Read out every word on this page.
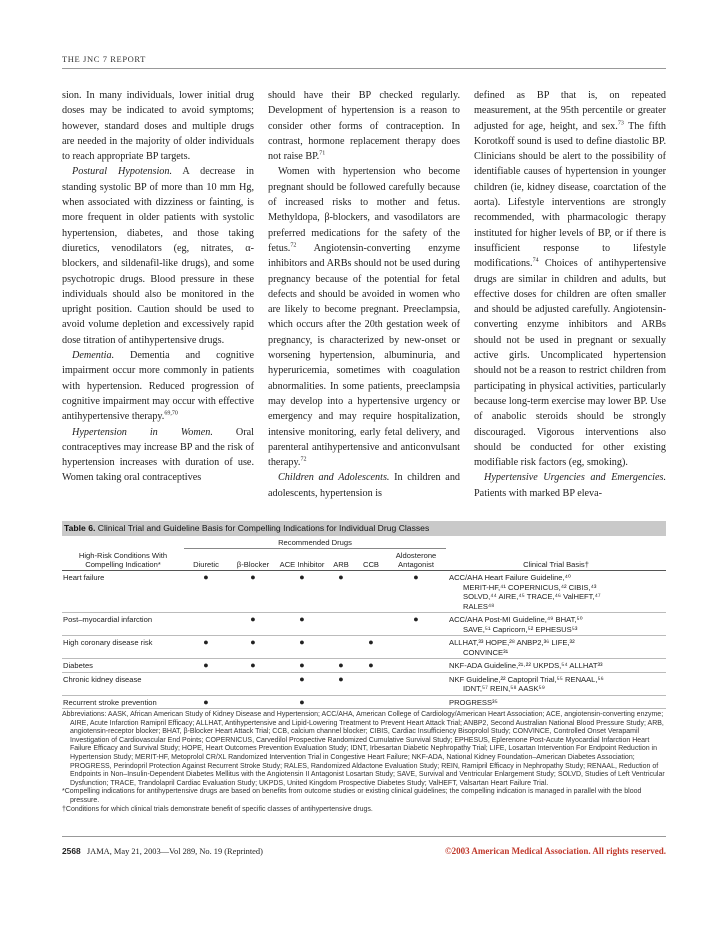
THE JNC 7 REPORT

sion. In many individuals, lower initial drug doses may be indicated to avoid symptoms; however, standard doses and multiple drugs are needed in the majority of older individuals to reach appropriate BP targets.

Postural Hypotension. A decrease in standing systolic BP of more than 10 mm Hg, when associated with dizziness or fainting, is more frequent in older patients with systolic hypertension, diabetes, and those taking diuretics, venodilators (eg, nitrates, α-blockers, and sildenafil-like drugs), and some psychotropic drugs. Blood pressure in these individuals should also be monitored in the upright position. Caution should be used to avoid volume depletion and excessively rapid dose titration of antihypertensive drugs.

Dementia. Dementia and cognitive impairment occur more commonly in patients with hypertension. Reduced progression of cognitive impairment may occur with effective antihypertensive therapy.$^{69,70}$

Hypertension in Women. Oral contraceptives may increase BP and the risk of hypertension increases with duration of use. Women taking oral contraceptives

should have their BP checked regularly. Development of hypertension is a reason to consider other forms of contraception. In contrast, hormone replacement therapy does not raise BP.$^{71}$

Women with hypertension who become pregnant should be followed carefully because of increased risks to mother and fetus. Methyldopa, β-blockers, and vasodilators are preferred medications for the safety of the fetus.$^{72}$ Angiotensin-converting enzyme inhibitors and ARBs should not be used during pregnancy because of the potential for fetal defects and should be avoided in women who are likely to become pregnant. Preeclampsia, which occurs after the 20th gestation week of pregnancy, is characterized by new-onset or worsening hypertension, albuminuria, and hyperuricemia, sometimes with coagulation abnormalities. In some patients, preeclampsia may develop into a hypertensive urgency or emergency and may require hospitalization, intensive monitoring, early fetal delivery, and parenteral antihypertensive and anticonvulsant therapy.$^{72}$

Children and Adolescents. In children and adolescents, hypertension is

defined as BP that is, on repeated measurement, at the 95th percentile or greater adjusted for age, height, and sex.$^{73}$ The fifth Korotkoff sound is used to define diastolic BP. Clinicians should be alert to the possibility of identifiable causes of hypertension in younger children (ie, kidney disease, coarctation of the aorta). Lifestyle interventions are strongly recommended, with pharmacologic therapy instituted for higher levels of BP, or if there is insufficient response to lifestyle modifications.$^{74}$ Choices of antihypertensive drugs are similar in children and adults, but effective doses for children are often smaller and should be adjusted carefully. Angiotensin-converting enzyme inhibitors and ARBs should not be used in pregnant or sexually active girls. Uncomplicated hypertension should not be a reason to restrict children from participating in physical activities, particularly because long-term exercise may lower BP. Use of anabolic steroids should be strongly discouraged. Vigorous interventions also should be conducted for other existing modifiable risk factors (eg, smoking).

Hypertensive Urgencies and Emergencies. Patients with marked BP eleva-

Table 6. Clinical Trial and Guideline Basis for Compelling Indications for Individual Drug Classes
	Recommended Drugs						
High-Risk Conditions With Compelling Indication*	Diuretic	β-Blocker	ACE Inhibitor	ARB	CCB	Aldosterone Antagonist	Clinical Trial Basis†

Heart failure	●	●	●	●		●	ACC/AHA Heart Failure Guideline,⁴⁰
MERIT-HF,⁴¹ COPERNICUS,⁴² CIBIS,⁴³
SOLVD,⁴⁴ AIRE,⁴⁵ TRACE,⁴⁶ ValHEFT,⁴⁷
RALES⁴⁸

Post–myocardial infarction		●	●			●	ACC/AHA Post-MI Guideline,⁴⁹ BHAT,⁵⁰
SAVE,⁵¹ Capricorn,⁵² EPHESUS⁵³

High coronary disease risk	●	●	●		●		ALLHAT,³³ HOPE,²⁸ ANBP2,³⁶ LIFE,³²
CONVINCE³¹

Diabetes	●	●	●	●	●		NKF-ADA Guideline,²¹·²² UKPDS,⁵⁴ ALLHAT³³

Chronic kidney disease			●	●			NKF Guideline,²² Captopril Trial,⁵⁵ RENAAL,⁵⁶
IDNT,⁵⁷ REIN,⁵⁸ AASK⁵⁹

Recurrent stroke prevention	●		●				PROGRESS³⁵

Abbreviations: AASK, African American Study of Kidney Disease and Hypertension; ACC/AHA, American College of Cardiology/American Heart Association; ACE, angiotensin-converting enzyme; AIRE, Acute Infarction Ramipril Efficacy; ALLHAT, Antihypertensive and Lipid-Lowering Treatment to Prevent Heart Attack Trial; ANBP2, Second Australian National Blood Pressure Study; ARB, angiotensin-receptor blocker; BHAT, β-Blocker Heart Attack Trial; CCB, calcium channel blocker; CIBIS, Cardiac Insufficiency Bisoprolol Study; CONVINCE, Controlled Onset Verapamil Investigation of Cardiovascular End Points; COPERNICUS, Carvedilol Prospective Randomized Cumulative Survival Study; EPHESUS, Eplerenone Post-Acute Myocardial Infarction Heart Failure Efficacy and Survival Study; HOPE, Heart Outcomes Prevention Evaluation Study; IDNT, Irbesartan Diabetic Nephropathy Trial; LIFE, Losartan Intervention For Endpoint Reduction in Hypertension Study; MERIT-HF, Metoprolol CR/XL Randomized Intervention Trial in Congestive Heart Failure; NKF-ADA, National Kidney Foundation–American Diabetes Association; PROGRESS, Perindopril Protection Against Recurrent Stroke Study; RALES, Randomized Aldactone Evaluation Study; REIN, Ramipril Efficacy in Nephropathy Study; RENAAL, Reduction of Endpoints in Non–Insulin-Dependent Diabetes Mellitus with the Angiotensin II Antagonist Losartan Study; SAVE, Survival and Ventricular Enlargement Study; SOLVD, Studies of Left Ventricular Dysfunction; TRACE, Trandolapril Cardiac Evaluation Study; UKPDS, United Kingdom Prospective Diabetes Study; ValHEFT, Valsartan Heart Failure Trial.

*Compelling indications for antihypertensive drugs are based on benefits from outcome studies or existing clinical guidelines; the compelling indication is managed in parallel with the blood pressure.

†Conditions for which clinical trials demonstrate benefit of specific classes of antihypertensive drugs.

2568 JAMA, May 21, 2003—Vol 289, No. 19 (Reprinted)	©2003 American Medical Association. All rights reserved.
